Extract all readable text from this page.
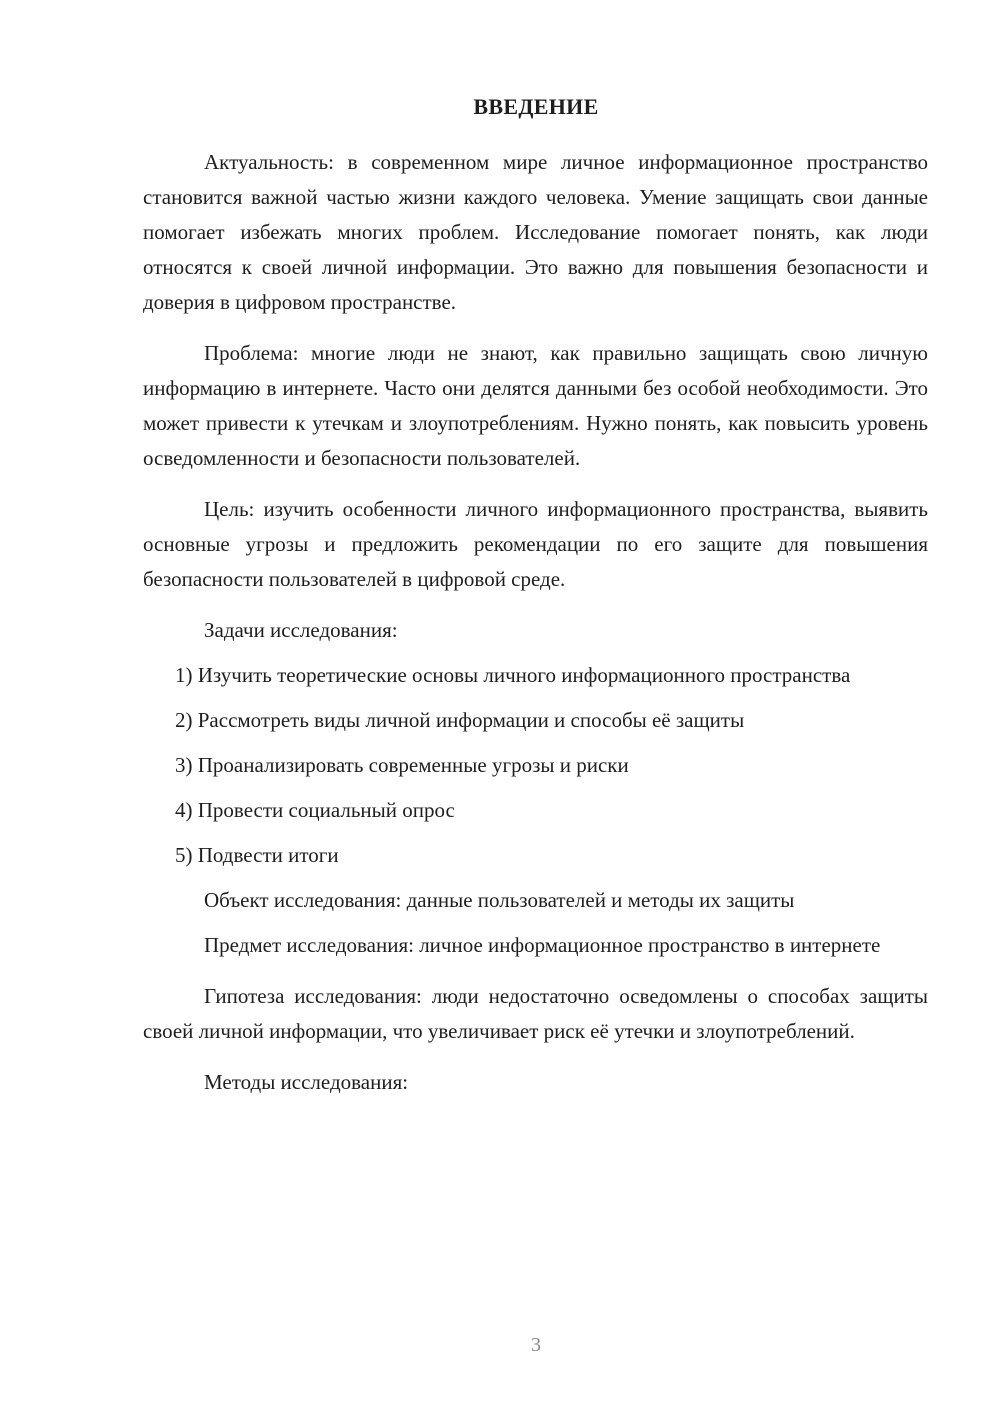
ВВЕДЕНИЕ

Актуальность: в современном мире личное информационное пространство становится важной частью жизни каждого человека. Умение защищать свои данные помогает избежать многих проблем. Исследование помогает понять, как люди относятся к своей личной информации. Это важно для повышения безопасности и доверия в цифровом пространстве.

Проблема: многие люди не знают, как правильно защищать свою личную информацию в интернете. Часто они делятся данными без особой необходимости. Это может привести к утечкам и злоупотреблениям. Нужно понять, как повысить уровень осведомленности и безопасности пользователей.

Цель: изучить особенности личного информационного пространства, выявить основные угрозы и предложить рекомендации по его защите для повышения безопасности пользователей в цифровой среде.

Задачи исследования:

1) Изучить теоретические основы личного информационного пространства

2) Рассмотреть виды личной информации и способы её защиты

3) Проанализировать современные угрозы и риски

4) Провести социальный опрос

5) Подвести итоги

Объект исследования: данные пользователей и методы их защиты

Предмет исследования: личное информационное пространство в интернете

Гипотеза исследования: люди недостаточно осведомлены о способах защиты своей личной информации, что увеличивает риск её утечки и злоупотреблений.

Методы исследования:

3
